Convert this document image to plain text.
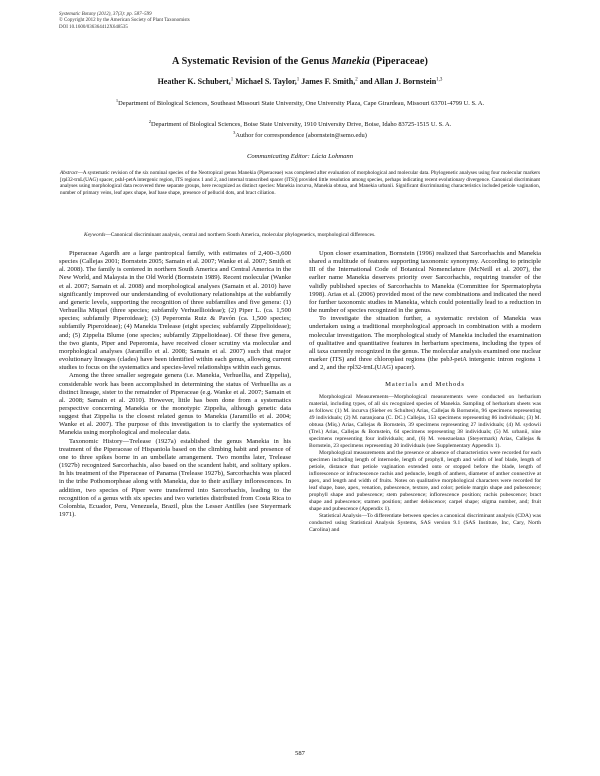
Systematic Botany (2012), 37(3): pp. 587–599
© Copyright 2012 by the American Society of Plant Taxonomists
DOI 10.1600/036364412X648535
A Systematic Revision of the Genus Manekia (Piperaceae)
Heather K. Schubert,$^1$ Michael S. Taylor,$^1$ James F. Smith,$^2$ and Allan J. Bornstein$^{1,3}$
$^1$Department of Biological Sciences, Southeast Missouri State University, One University Plaza, Cape Girardeau, Missouri 63701-4799 U. S. A.
$^2$Department of Biological Sciences, Boise State University, 1910 University Drive, Boise, Idaho 83725-1515 U. S. A.
$^3$Author for correspondence (abornstein@semo.edu)
Communicating Editor: Lúcia Lohmann
Abstract—A systematic revision of the six nominal species of the Neotropical genus Manekia (Piperaceae) was completed after evaluation of morphological and molecular data. Phylogenetic analyses using four molecular markers [rpl32-trnL(UAG) spacer, psbJ-petA intergenic region, ITS regions 1 and 2, and internal transcribed spacer (ITS)] provided little resolution among species, perhaps indicating recent evolutionary divergence. Canonical discriminant analyses using morphological data recovered three separate groups, here recognized as distinct species: Manekia incurva, Manekia obtusa, and Manekia urbanii. Significant discriminating characteristics included petiole vagination, number of primary veins, leaf apex shape, leaf base shape, presence of pellucid dots, and bract ciliation.
Keywords—Canonical discriminant analysis, central and northern South America, molecular phylogenetics, morphological differences.

Piperaceae Agardh are a large pantropical family, with estimates of 2,400–3,600 species (Callejas 2001; Bornstein 2005; Samain et al. 2007; Wanke et al. 2007; Smith et al. 2008). The family is centered in northern South America and Central America in the New World, and Malaysia in the Old World (Bornstein 1989). Recent molecular (Wanke et al. 2007; Samain et al. 2008) and morphological analyses (Samain et al. 2010) have significantly improved our understanding of evolutionary relationships at the subfamily and generic levels, supporting the recognition of three subfamilies and five genera: (1) Verhuellia Miquel (three species; subfamily Verhuellioideae); (2) Piper L. (ca. 1,500 species; subfamily Piperoideae); (3) Peperomia Ruiz & Pavón (ca. 1,500 species; subfamily Piperoideae); (4) Manekia Trelease (eight species; subfamily Zippelioideae); and; (5) Zippelia Blume (one species; subfamily Zippelioideae). Of these five genera, the two giants, Piper and Peperomia, have received closer scrutiny via molecular and morphological analyses (Jaramillo et al. 2008; Samain et al. 2007) such that major evolutionary lineages (clades) have been identified within each genus, allowing current studies to focus on the systematics and species-level relationships within each genus.

Among the three smaller segregate genera (i.e. Manekia, Verhuellia, and Zippelia), considerable work has been accomplished in determining the status of Verhuellia as a distinct lineage, sister to the remainder of Piperaceae (e.g. Wanke et al. 2007; Samain et al. 2008; Samain et al. 2010). However, little has been done from a systematics perspective concerning Manekia or the monotypic Zippelia, although genetic data suggest that Zippelia is the closest related genus to Manekia (Jaramillo et al. 2004; Wanke et al. 2007). The purpose of this investigation is to clarify the systematics of Manekia using morphological and molecular data.

Taxonomic History—Trelease (1927a) established the genus Manekia in his treatment of the Piperaceae of Hispaniola based on the climbing habit and presence of one to three spikes borne in an umbellate arrangement. Two months later, Trelease (1927b) recognized Sarcorhachis, also based on the scandent habit, and solitary spikes. In his treatment of the Piperaceae of Panama (Trelease 1927b), Sarcorhachis was placed in the tribe Pothomorpheae along with Manekia, due to their axillary inflorescences. In addition, two species of Piper were transferred into Sarcorhachis, leading to the recognition of a genus with six species and two varieties distributed from Costa Rica to Colombia, Ecuador, Peru, Venezuela, Brazil, plus the Lesser Antilles (see Steyermark 1971).

Upon closer examination, Bornstein (1996) realized that Sarcorhachis and Manekia shared a multitude of features supporting taxonomic synonymy. According to principle III of the International Code of Botanical Nomenclature (McNeill et al. 2007), the earlier name Manekia deserves priority over Sarcorhachis, requiring transfer of the validly published species of Sarcorhachis to Manekia (Committee for Spermatophyta 1998). Arias et al. (2006) provided most of the new combinations and indicated the need for further taxonomic studies in Manekia, which could potentially lead to a reduction in the number of species recognized in the genus.

To investigate the situation further, a systematic revision of Manekia was undertaken using a traditional morphological approach in combination with a modern molecular investigation. The morphological study of Manekia included the examination of qualitative and quantitative features in herbarium specimens, including the types of all taxa currently recognized in the genus. The molecular analysis examined one nuclear marker (ITS) and three chloroplast regions (the psbJ-petA intergenic intron regions 1 and 2, and the rpl32-trnL(UAG) spacer).

Materials and Methods

Morphological Measurements—Morphological measurements were conducted on herbarium material, including types, of all six recognized species of Manekia. Sampling of herbarium sheets was as follows: (1) M. incurva (Sieber ex Schultes) Arias, Callejas & Bornstein, 96 specimens representing 49 individuals; (2) M. naranjoana (C. DC.) Callejas, 153 specimens representing 86 individuals; (3) M. obtusa (Miq.) Arias, Callejas & Bornstein, 39 specimens representing 27 individuals; (4) M. sydowii (Trel.) Arias, Callejas & Bornstein, 64 specimens representing 38 individuals; (5) M. urbanii, nine specimens representing four individuals; and, (6) M. venezuelana (Steyermark) Arias, Callejas & Bornstein, 23 specimens representing 20 individuals (see Supplementary Appendix 1).

Morphological measurements and the presence or absence of characteristics were recorded for each specimen including length of internode, length of prophyll, length and width of leaf blade, length of petiole, distance that petiole vagination extended onto or stopped before the blade, length of inflorescence or infructescence rachis and peduncle, length of anthers, diameter of anther connective at apex, and length and width of fruits. Notes on qualitative morphological characters were recorded for leaf shape, base, apex, venation, pubescence, texture, and color; petiole margin shape and pubescence; prophyll shape and pubescence; stem pubescence; inflorescence position; rachis pubescence; bract shape and pubescence; stamen position; anther dehiscence; carpel shape; stigma number, and; fruit shape and pubescence (Appendix 1).

Statistical Analysis—To differentiate between species a canonical discriminant analysis (CDA) was conducted using Statistical Analysis Systems, SAS version 9.1 (SAS Institute, Inc, Cary, North Carolina) and

587
